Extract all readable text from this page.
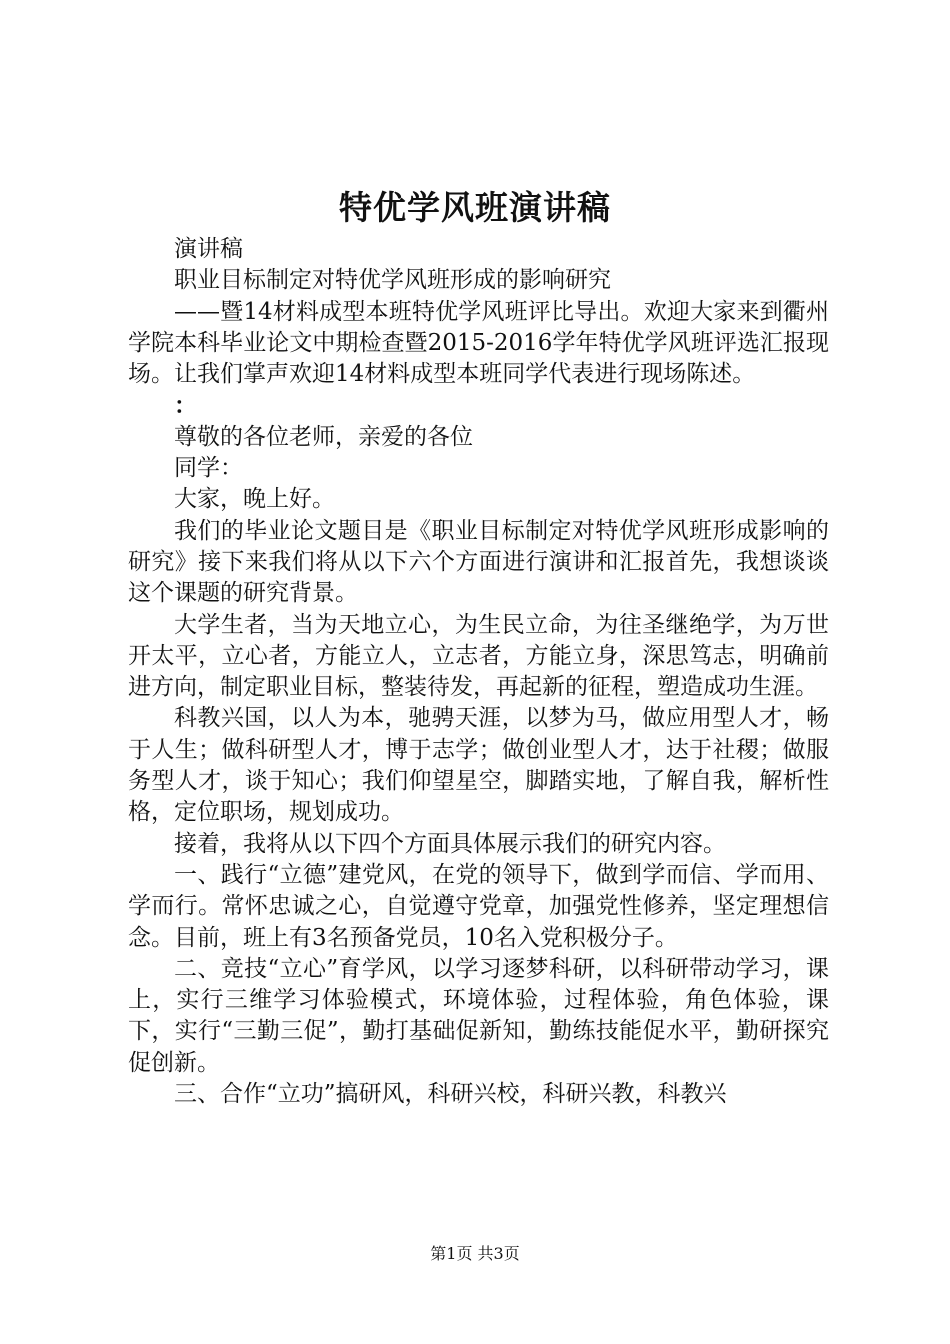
特优学风班演讲稿

演讲稿

职业目标制定对特优学风班形成的影响研究

——暨14材料成型本班特优学风班评比导出。欢迎大家来到衢州学院本科毕业论文中期检查暨2015-2016学年特优学风班评选汇报现场。让我们掌声欢迎14材料成型本班同学代表进行现场陈述。

：

尊敬的各位老师，亲爱的各位

同学：

大家，晚上好。

我们的毕业论文题目是《职业目标制定对特优学风班形成影响的研究》接下来我们将从以下六个方面进行演讲和汇报首先，我想谈谈这个课题的研究背景。

大学生者，当为天地立心，为生民立命，为往圣继绝学，为万世开太平，立心者，方能立人，立志者，方能立身，深思笃志，明确前进方向，制定职业目标，整装待发，再起新的征程，塑造成功生涯。

科教兴国，以人为本，驰骋天涯，以梦为马，做应用型人才，畅于人生；做科研型人才，博于志学；做创业型人才，达于社稷；做服务型人才，谈于知心；我们仰望星空，脚踏实地，了解自我，解析性格，定位职场，规划成功。

接着，我将从以下四个方面具体展示我们的研究内容。

一、践行“立德”建党风，在党的领导下，做到学而信、学而用、学而行。常怀忠诚之心，自觉遵守党章，加强党性修养，坚定理想信念。目前，班上有3名预备党员，10名入党积极分子。

二、竞技“立心”育学风，以学习逐梦科研，以科研带动学习，课上，实行三维学习体验模式，环境体验，过程体验，角色体验，课下，实行“三勤三促”，勤打基础促新知，勤练技能促水平，勤研探究促创新。

三、合作“立功”搞研风，科研兴校，科研兴教，科教兴

第1页 共3页
